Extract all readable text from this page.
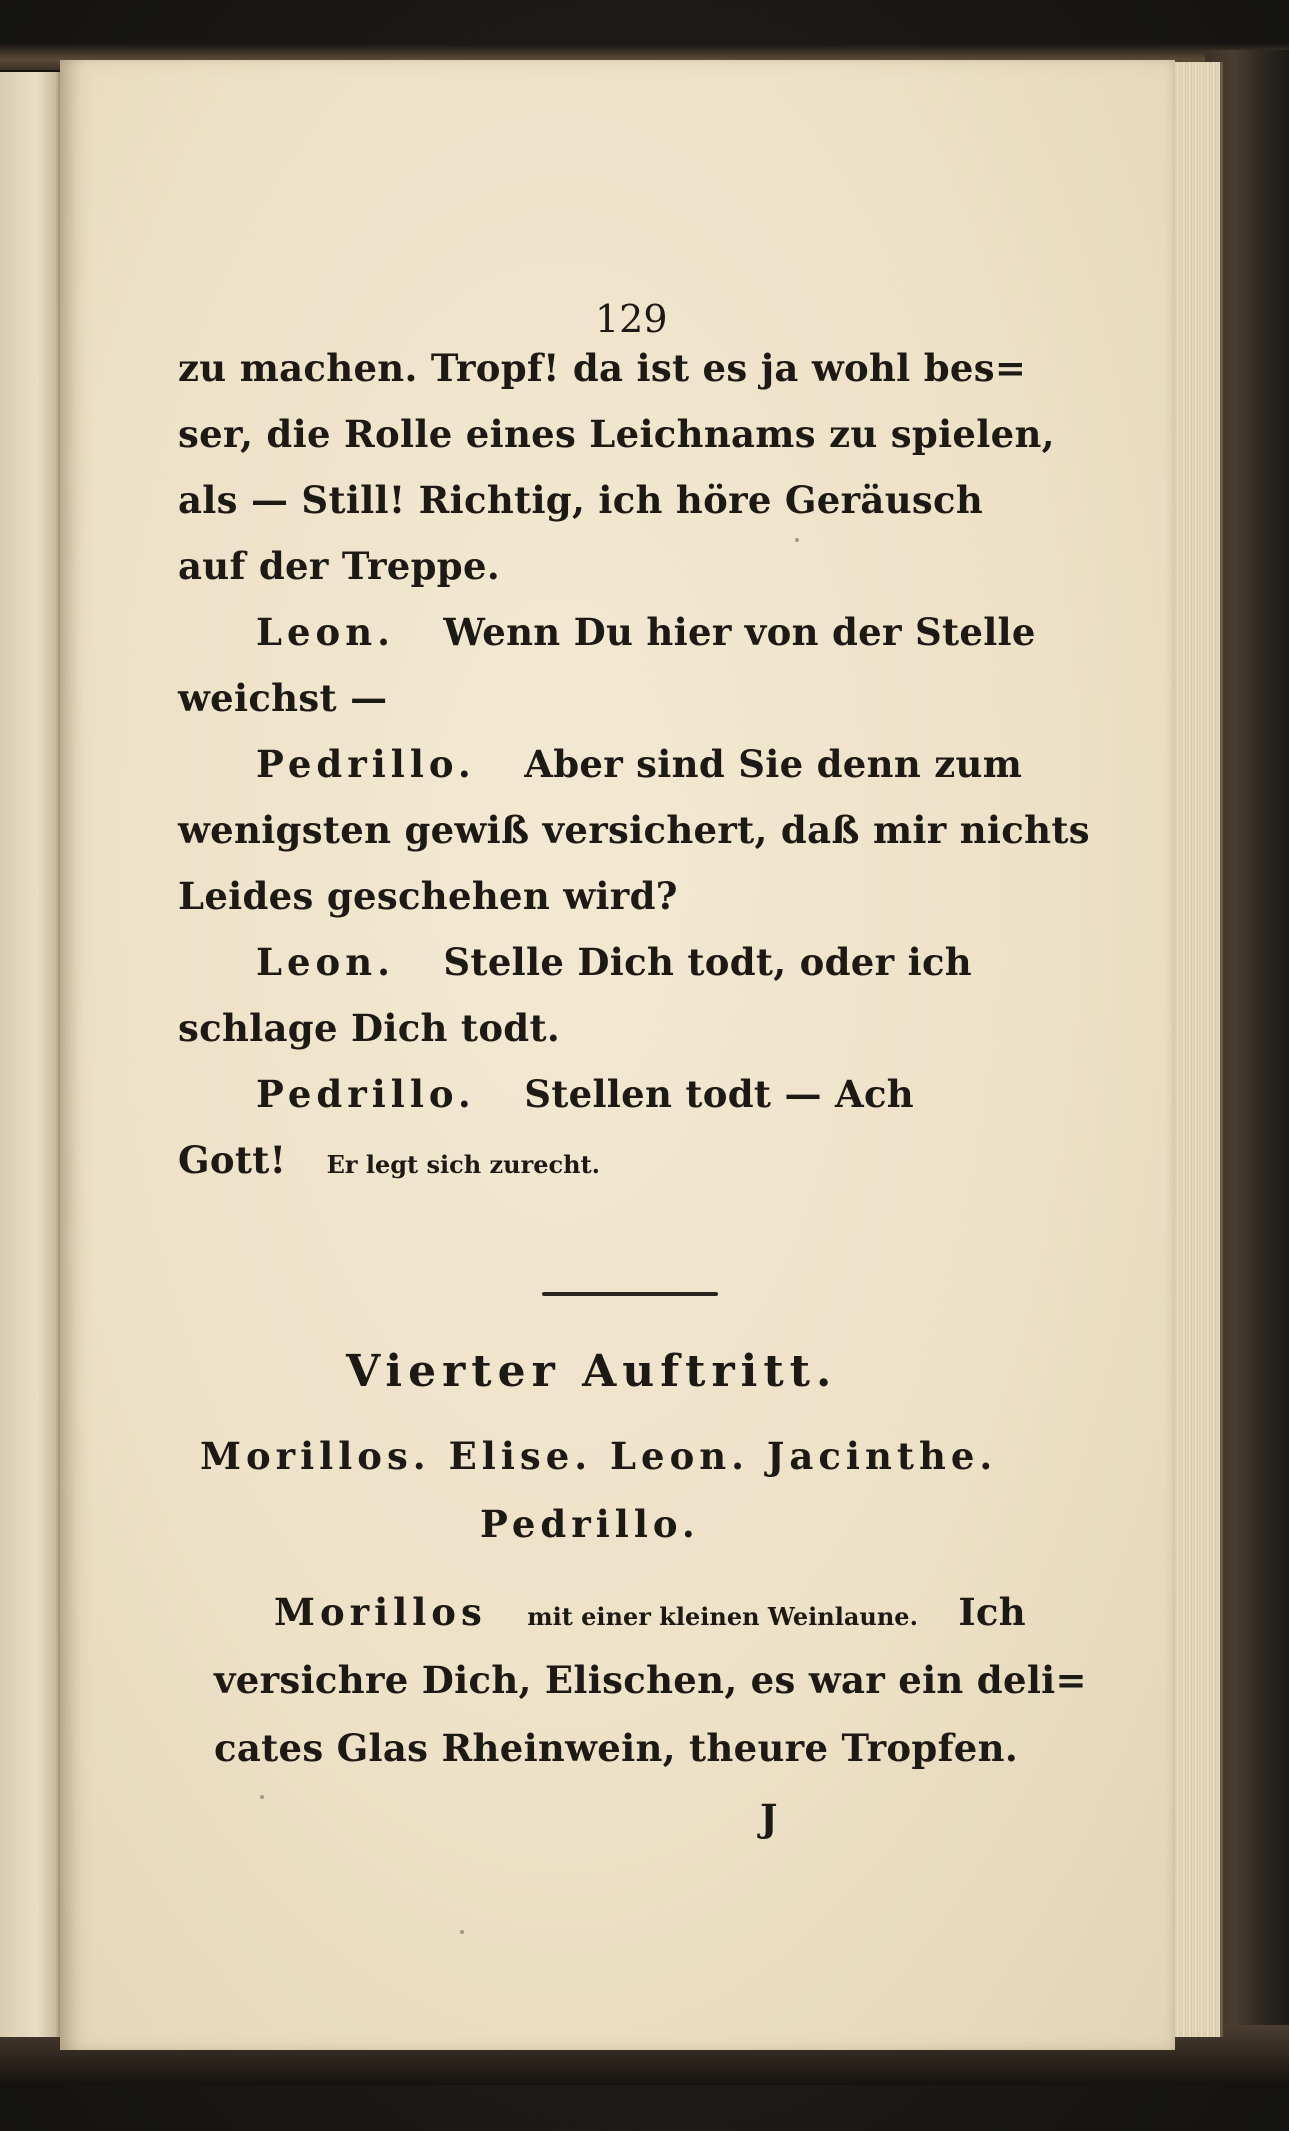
129
zu machen. Tropf! da ist es ja wohl bes=
ser, die Rolle eines Leichnams zu spielen,
als — Still! Richtig, ich höre Geräusch
auf der Treppe.
Leon. Wenn Du hier von der Stelle
weichst —
Pedrillo. Aber sind Sie denn zum
wenigsten gewiß versichert, daß mir nichts
Leides geschehen wird?
Leon. Stelle Dich todt, oder ich
schlage Dich todt.
Pedrillo. Stellen todt — Ach
Gott! Er legt sich zurecht.
Vierter Auftritt.
Morillos. Elise. Leon. Jacinthe.
Pedrillo.
Morillos mit einer kleinen Weinlaune. Ich
versichre Dich, Elischen, es war ein deli=
cates Glas Rheinwein, theure Tropfen.
J
